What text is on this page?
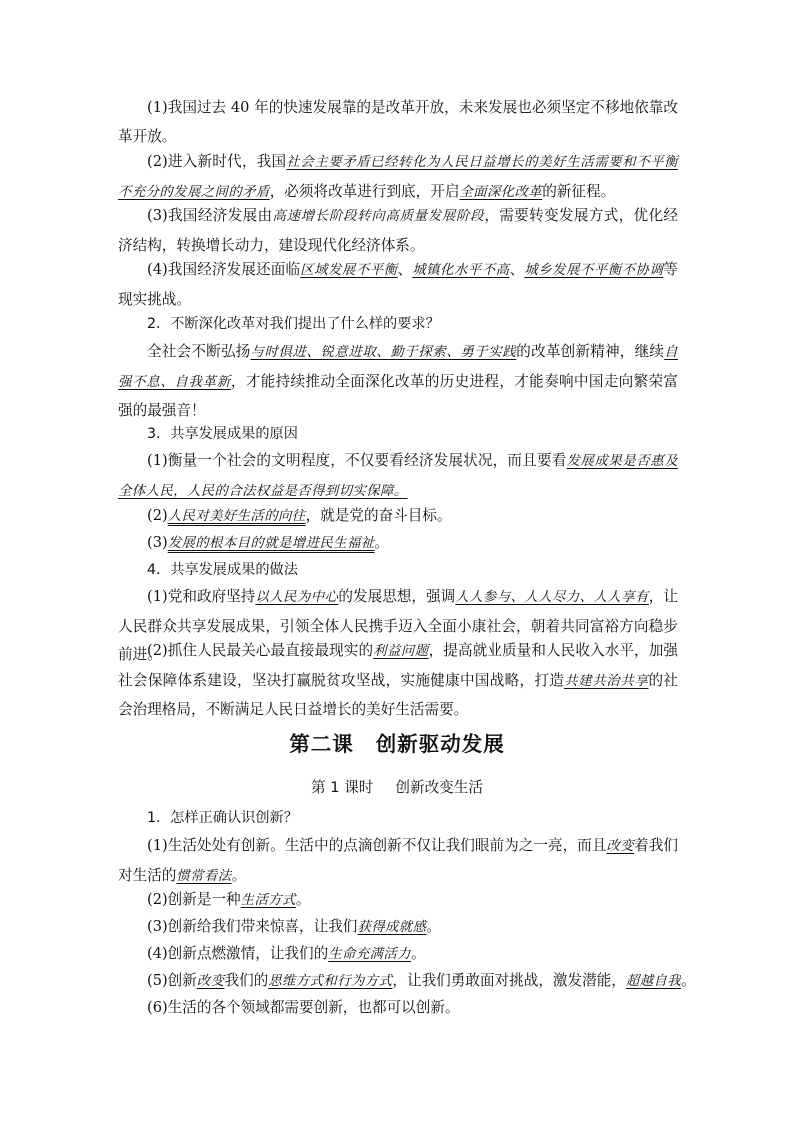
(1)我国过去 40 年的快速发展靠的是改革开放，未来发展也必须坚定不移地依靠改革开放。
(2)进入新时代，我国社会主要矛盾已经转化为人民日益增长的美好生活需要和不平衡不充分的发展之间的矛盾，必须将改革进行到底，开启全面深化改革的新征程。
(3)我国经济发展由高速增长阶段转向高质量发展阶段，需要转变发展方式，优化经济结构，转换增长动力，建设现代化经济体系。
(4)我国经济发展还面临区域发展不平衡、城镇化水平不高、城乡发展不平衡不协调等现实挑战。
2．不断深化改革对我们提出了什么样的要求？
全社会不断弘扬与时俱进、锐意进取、勤于探索、勇于实践的改革创新精神，继续自强不息、自我革新，才能持续推动全面深化改革的历史进程，才能奏响中国走向繁荣富强的最强音！
3．共享发展成果的原因
(1)衡量一个社会的文明程度，不仅要看经济发展状况，而且要看发展成果是否惠及全体人民，人民的合法权益是否得到切实保障。
(2)人民对美好生活的向往，就是党的奋斗目标。
(3)发展的根本目的就是增进民生福祉。
4．共享发展成果的做法
(1)党和政府坚持以人民为中心的发展思想，强调人人参与、人人尽力、人人享有，让人民群众共享发展成果，引领全体人民携手迈入全面小康社会，朝着共同富裕方向稳步前进。
(2)抓住人民最关心最直接最现实的利益问题，提高就业质量和人民收入水平，加强社会保障体系建设，坚决打赢脱贫攻坚战，实施健康中国战略，打造共建共治共享的社会治理格局，不断满足人民日益增长的美好生活需要。
第二课 创新驱动发展
第 1 课时 创新改变生活
1．怎样正确认识创新？
(1)生活处处有创新。生活中的点滴创新不仅让我们眼前为之一亮，而且改变着我们对生活的惯常看法。
(2)创新是一种生活方式。
(3)创新给我们带来惊喜，让我们获得成就感。
(4)创新点燃激情，让我们的生命充满活力。
(5)创新改变我们的思维方式和行为方式，让我们勇敢面对挑战，激发潜能，超越自我。
(6)生活的各个领域都需要创新，也都可以创新。
